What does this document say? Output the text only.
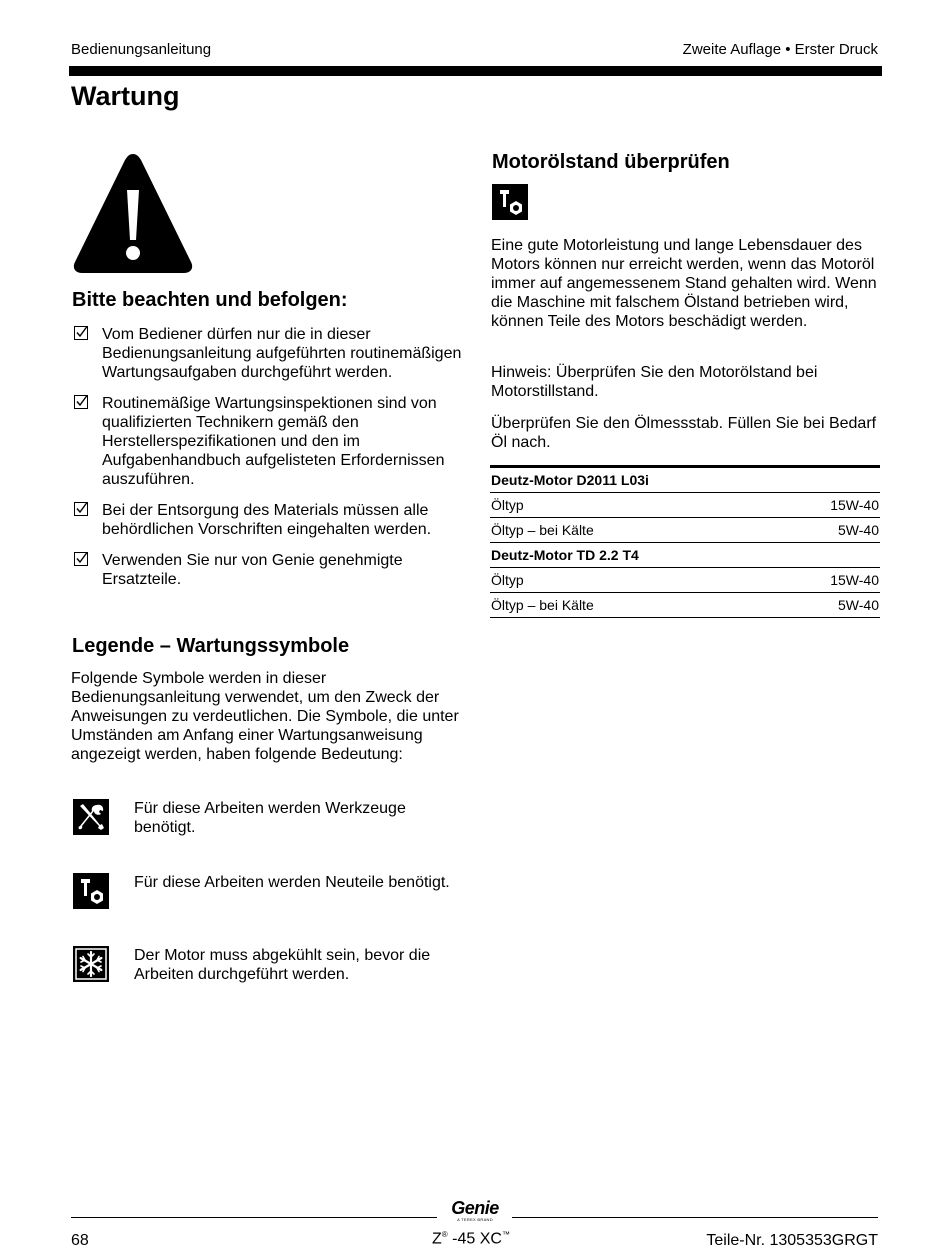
Bedienungsanleitung	Zweite Auflage • Erster Druck
Wartung
Bitte beachten und befolgen:
Vom Bediener dürfen nur die in dieser Bedienungsanleitung aufgeführten routinemäßigen Wartungsaufgaben durchgeführt werden.
Routinemäßige Wartungsinspektionen sind von qualifizierten Technikern gemäß den Herstellerspezifikationen und den im Aufgabenhandbuch aufgelisteten Erfordernissen auszuführen.
Bei der Entsorgung des Materials müssen alle behördlichen Vorschriften eingehalten werden.
Verwenden Sie nur von Genie genehmigte Ersatzteile.
Legende – Wartungssymbole
Folgende Symbole werden in dieser Bedienungsanleitung verwendet, um den Zweck der Anweisungen zu verdeutlichen. Die Symbole, die unter Umständen am Anfang einer Wartungsanweisung angezeigt werden, haben folgende Bedeutung:
Für diese Arbeiten werden Werkzeuge benötigt.
Für diese Arbeiten werden Neuteile benötigt.
Der Motor muss abgekühlt sein, bevor die Arbeiten durchgeführt werden.
Motorölstand überprüfen
Eine gute Motorleistung und lange Lebensdauer des Motors können nur erreicht werden, wenn das Motoröl immer auf angemessenem Stand gehalten wird. Wenn die Maschine mit falschem Ölstand betrieben wird, können Teile des Motors beschädigt werden.
Hinweis: Überprüfen Sie den Motorölstand bei Motorstillstand.
Überprüfen Sie den Ölmessstab. Füllen Sie bei Bedarf Öl nach.
Deutz-Motor D2011 L03i	
Öltyp	15W-40
Öltyp – bei Kälte	5W-40
Deutz-Motor TD 2.2 T4	
Öltyp	15W-40
Öltyp – bei Kälte	5W-40
Genie
A TEREX BRAND
68	Z® -45 XC™	Teile-Nr. 1305353GRGT
